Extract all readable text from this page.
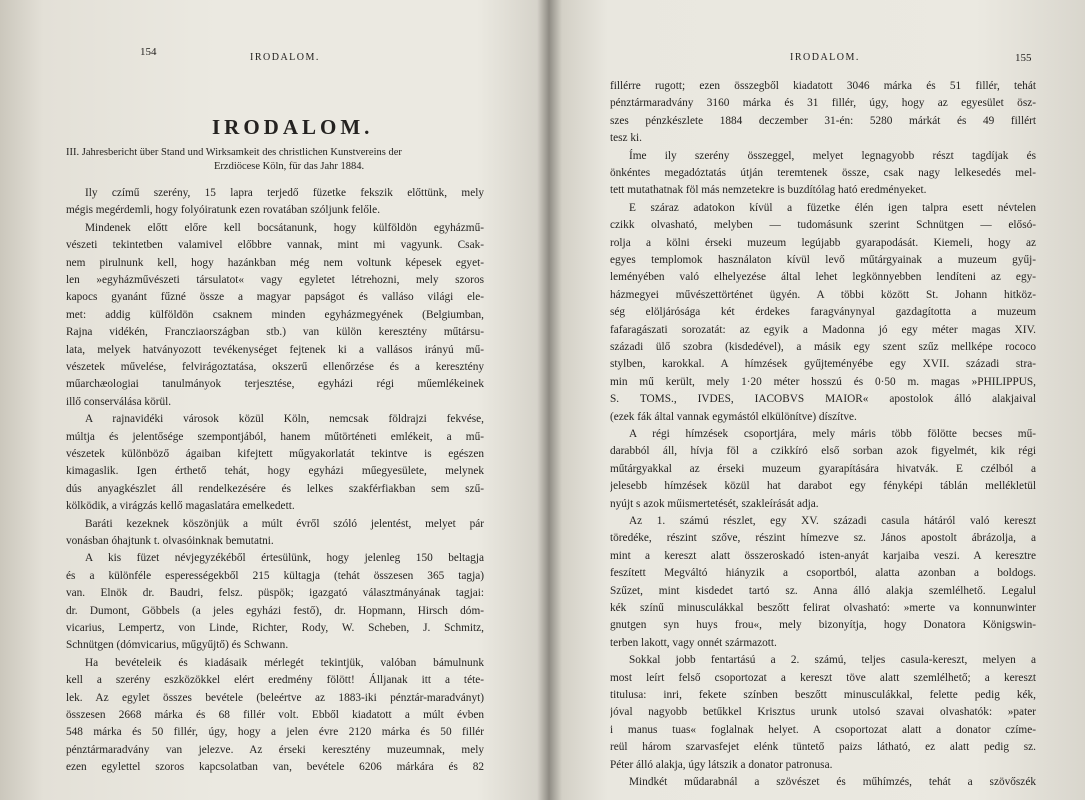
154	IRODALOM.
IRODALOM.
III. Jahresbericht über Stand und Wirksamkeit des christlichen Kunstvereins der
Erzdiöcese Köln, für das Jahr 1884.
Ily czímű szerény, 15 lapra terjedő füzetke fekszik előttünk, mely
mégis megérdemli, hogy folyóiratunk ezen rovatában szóljunk felőle.
Mindenek előtt előre kell bocsátanunk, hogy külföldön egyházmű-
vészeti tekintetben valamivel előbbre vannak, mint mi vagyunk. Csak-
nem pirulnunk kell, hogy hazánkban még nem voltunk képesek egyet-
len »egyházművészeti társulatot« vagy egyletet létrehozni, mely szoros
kapocs gyanánt fűzné össze a magyar papságot és valláso világi ele-
met: addig külföldön csaknem minden egyházmegyének (Belgiumban,
Rajna vidékén, Francziaországban stb.) van külön keresztény műtársu-
lata, melyek hatványozott tevékenységet fejtenek ki a vallásos irányú mű-
vészetek művelése, felvirágoztatása, okszerű ellenőrzése és a keresztény
műarchæologiai tanulmányok terjesztése, egyházi régi műemlékeinek
illő conserválása körül.
A rajnavidéki városok közül Köln, nemcsak földrajzi fekvése,
múltja és jelentősége szempontjából, hanem műtörténeti emlékeit, a mű-
vészetek különböző ágaiban kifejtett műgyakorlatát tekintve is egészen
kimagaslik. Igen érthető tehát, hogy egyházi műegyesülete, melynek
dús anyagkészlet áll rendelkezésére és lelkes szakférfiakban sem szű-
kölködik, a virágzás kellő magaslatára emelkedett.
Baráti kezeknek köszönjük a múlt évről szóló jelentést, melyet pár
vonásban óhajtunk t. olvasóinknak bemutatni.
A kis füzet névjegyzékéből értesülünk, hogy jelenleg 150 beltagja
és a különféle esperességekből 215 kültagja (tehát összesen 365 tagja)
van. Elnök dr. Baudri, felsz. püspök; igazgató választmányának tagjai:
dr. Dumont, Göbbels (a jeles egyházi festő), dr. Hopmann, Hirsch dóm-
vicarius, Lempertz, von Linde, Richter, Rody, W. Scheben, J. Schmitz,
Schnütgen (dómvicarius, műgyűjtő) és Schwann.
Ha bevételeik és kiadásaik mérlegét tekintjük, valóban bámulnunk
kell a szerény eszközökkel elért eredmény fölött! Álljanak itt a téte-
lek. Az egylet összes bevétele (beleértve az 1883-iki pénztár-maradványt)
összesen 2668 márka és 68 fillér volt. Ebből kiadatott a múlt évben
548 márka és 50 fillér, úgy, hogy a jelen évre 2120 márka és 50 fillér
pénztármaradvány van jelezve. Az érseki keresztény muzeumnak, mely
ezen egylettel szoros kapcsolatban van, bevétele 6206 márkára és 82
IRODALOM.	155
fillérre rugott; ezen összegből kiadatott 3046 márka és 51 fillér, tehát
pénztármaradvány 3160 márka és 31 fillér, úgy, hogy az egyesület ösz-
szes pénzkészlete 1884 deczember 31-én: 5280 márkát és 49 fillért
tesz ki.
Íme ily szerény összeggel, melyet legnagyobb részt tagdíjak és
önkéntes megadóztatás útján teremtenek össze, csak nagy lelkesedés mel-
tett mutathatnak föl más nemzetekre is buzdítólag ható eredményeket.
E száraz adatokon kívül a füzetke élén igen talpra esett névtelen
czikk olvasható, melyben — tudomásunk szerint Schnütgen — elősó-
rolja a kölni érseki muzeum legújabb gyarapodását. Kiemeli, hogy az
egyes templomok használaton kívül levő műtárgyainak a muzeum gyűj-
leményében való elhelyezése által lehet legkönnyebben lendíteni az egy-
házmegyei művészettörténet ügyén. A többi között St. Johann hitköz-
ség elöljárósága két érdekes faragványnyal gazdagította a muzeum
fafaragászati sorozatát: az egyik a Madonna jó egy méter magas XIV.
századi ülő szobra (kisdedével), a másik egy szent szűz mellképe rococo
stylben, karokkal. A hímzések gyűjteményébe egy XVII. századi stra-
min mű került, mely 1·20 méter hosszú és 0·50 m. magas »PHILIPPUS,
S. TOMS., IVDES, IACOBVS MAIOR« apostolok álló alakjaival
(ezek fák által vannak egymástól elkülönítve) díszítve.
A régi hímzések csoportjára, mely máris több fölötte becses mű-
darabból áll, hívja föl a czikkíró első sorban azok figyelmét, kik régi
műtárgyakkal az érseki muzeum gyarapítására hivatvák. E czélból a
jelesebb hímzések közül hat darabot egy fényképi táblán mellékletül
nyújt s azok műismertetését, szakleírását adja.
Az 1. számú részlet, egy XV. századi casula hátáról való kereszt
töredéke, részint szőve, részint hímezve sz. János apostolt ábrázolja, a
mint a kereszt alatt összeroskadó isten-anyát karjaiba veszi. A keresztre
feszített Megváltó hiányzik a csoportból, alatta azonban a boldogs.
Szűzet, mint kisdedet tartó sz. Anna álló alakja szemlélhető. Legalul
kék színű minusculákkal beszőtt felirat olvasható: »merte va konnunwinter
gnutgen syn huys frou«, mely bizonyítja, hogy Donatora Königswin-
terben lakott, vagy onnét származott.
Sokkal jobb fentartású a 2. számú, teljes casula-kereszt, melyen a
most leírt felső csoportozat a kereszt töve alatt szemlélhető; a kereszt
titulusa: inri, fekete színben beszőtt minusculákkal, felette pedig kék,
jóval nagyobb betűkkel Krisztus urunk utolsó szavai olvashatók: »pater
i manus tuas« foglalnak helyet. A csoportozat alatt a donator czíme-
reül három szarvasfejet elénk tüntető paizs látható, ez alatt pedig sz.
Péter álló alakja, úgy látszik a donator patronusa.
Mindkét műdarabnál a szövészet és műhímzés, tehát a szövőszék
